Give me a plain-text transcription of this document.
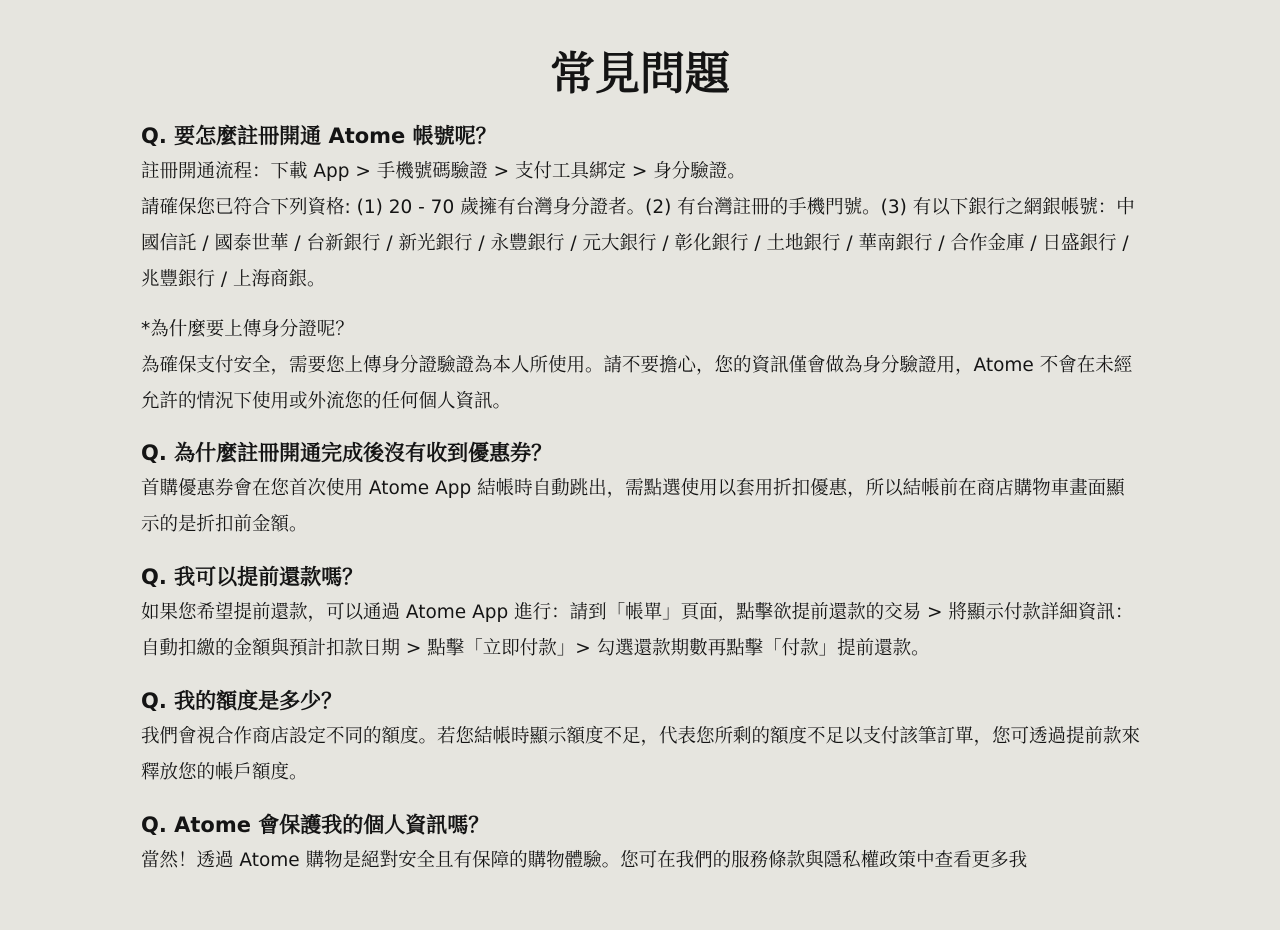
常見問題

Q. 要怎麼註冊開通 Atome 帳號呢？

註冊開通流程：下載 App > 手機號碼驗證 > 支付工具綁定 > 身分驗證。

請確保您已符合下列資格: (1) 20 - 70 歲擁有台灣身分證者。(2) 有台灣註冊的手機門號。(3) 有以下銀行之網銀帳號：中國信託 / 國泰世華 / 台新銀行 / 新光銀行 / 永豐銀行 / 元大銀行 / 彰化銀行 / 土地銀行 / 華南銀行 / 合作金庫 / 日盛銀行 / 兆豐銀行 / 上海商銀。

*為什麼要上傳身分證呢？

為確保支付安全，需要您上傳身分證驗證為本人所使用。請不要擔心，您的資訊僅會做為身分驗證用，Atome 不會在未經允許的情況下使用或外流您的任何個人資訊。

Q. 為什麼註冊開通完成後沒有收到優惠券？

首購優惠券會在您首次使用 Atome App 結帳時自動跳出，需點選使用以套用折扣優惠，所以結帳前在商店購物車畫面顯示的是折扣前金額。

Q. 我可以提前還款嗎？

如果您希望提前還款，可以通過 Atome App 進行：請到「帳單」頁面，點擊欲提前還款的交易 > 將顯示付款詳細資訊：自動扣繳的金額與預計扣款日期 > 點擊「立即付款」> 勾選還款期數再點擊「付款」提前還款。

Q. 我的額度是多少？

我們會視合作商店設定不同的額度。若您結帳時顯示額度不足，代表您所剩的額度不足以支付該筆訂單，您可透過提前款來釋放您的帳戶額度。

Q. Atome 會保護我的個人資訊嗎？

當然！透過 Atome 購物是絕對安全且有保障的購物體驗。您可在我們的服務條款與隱私權政策中查看更多我
